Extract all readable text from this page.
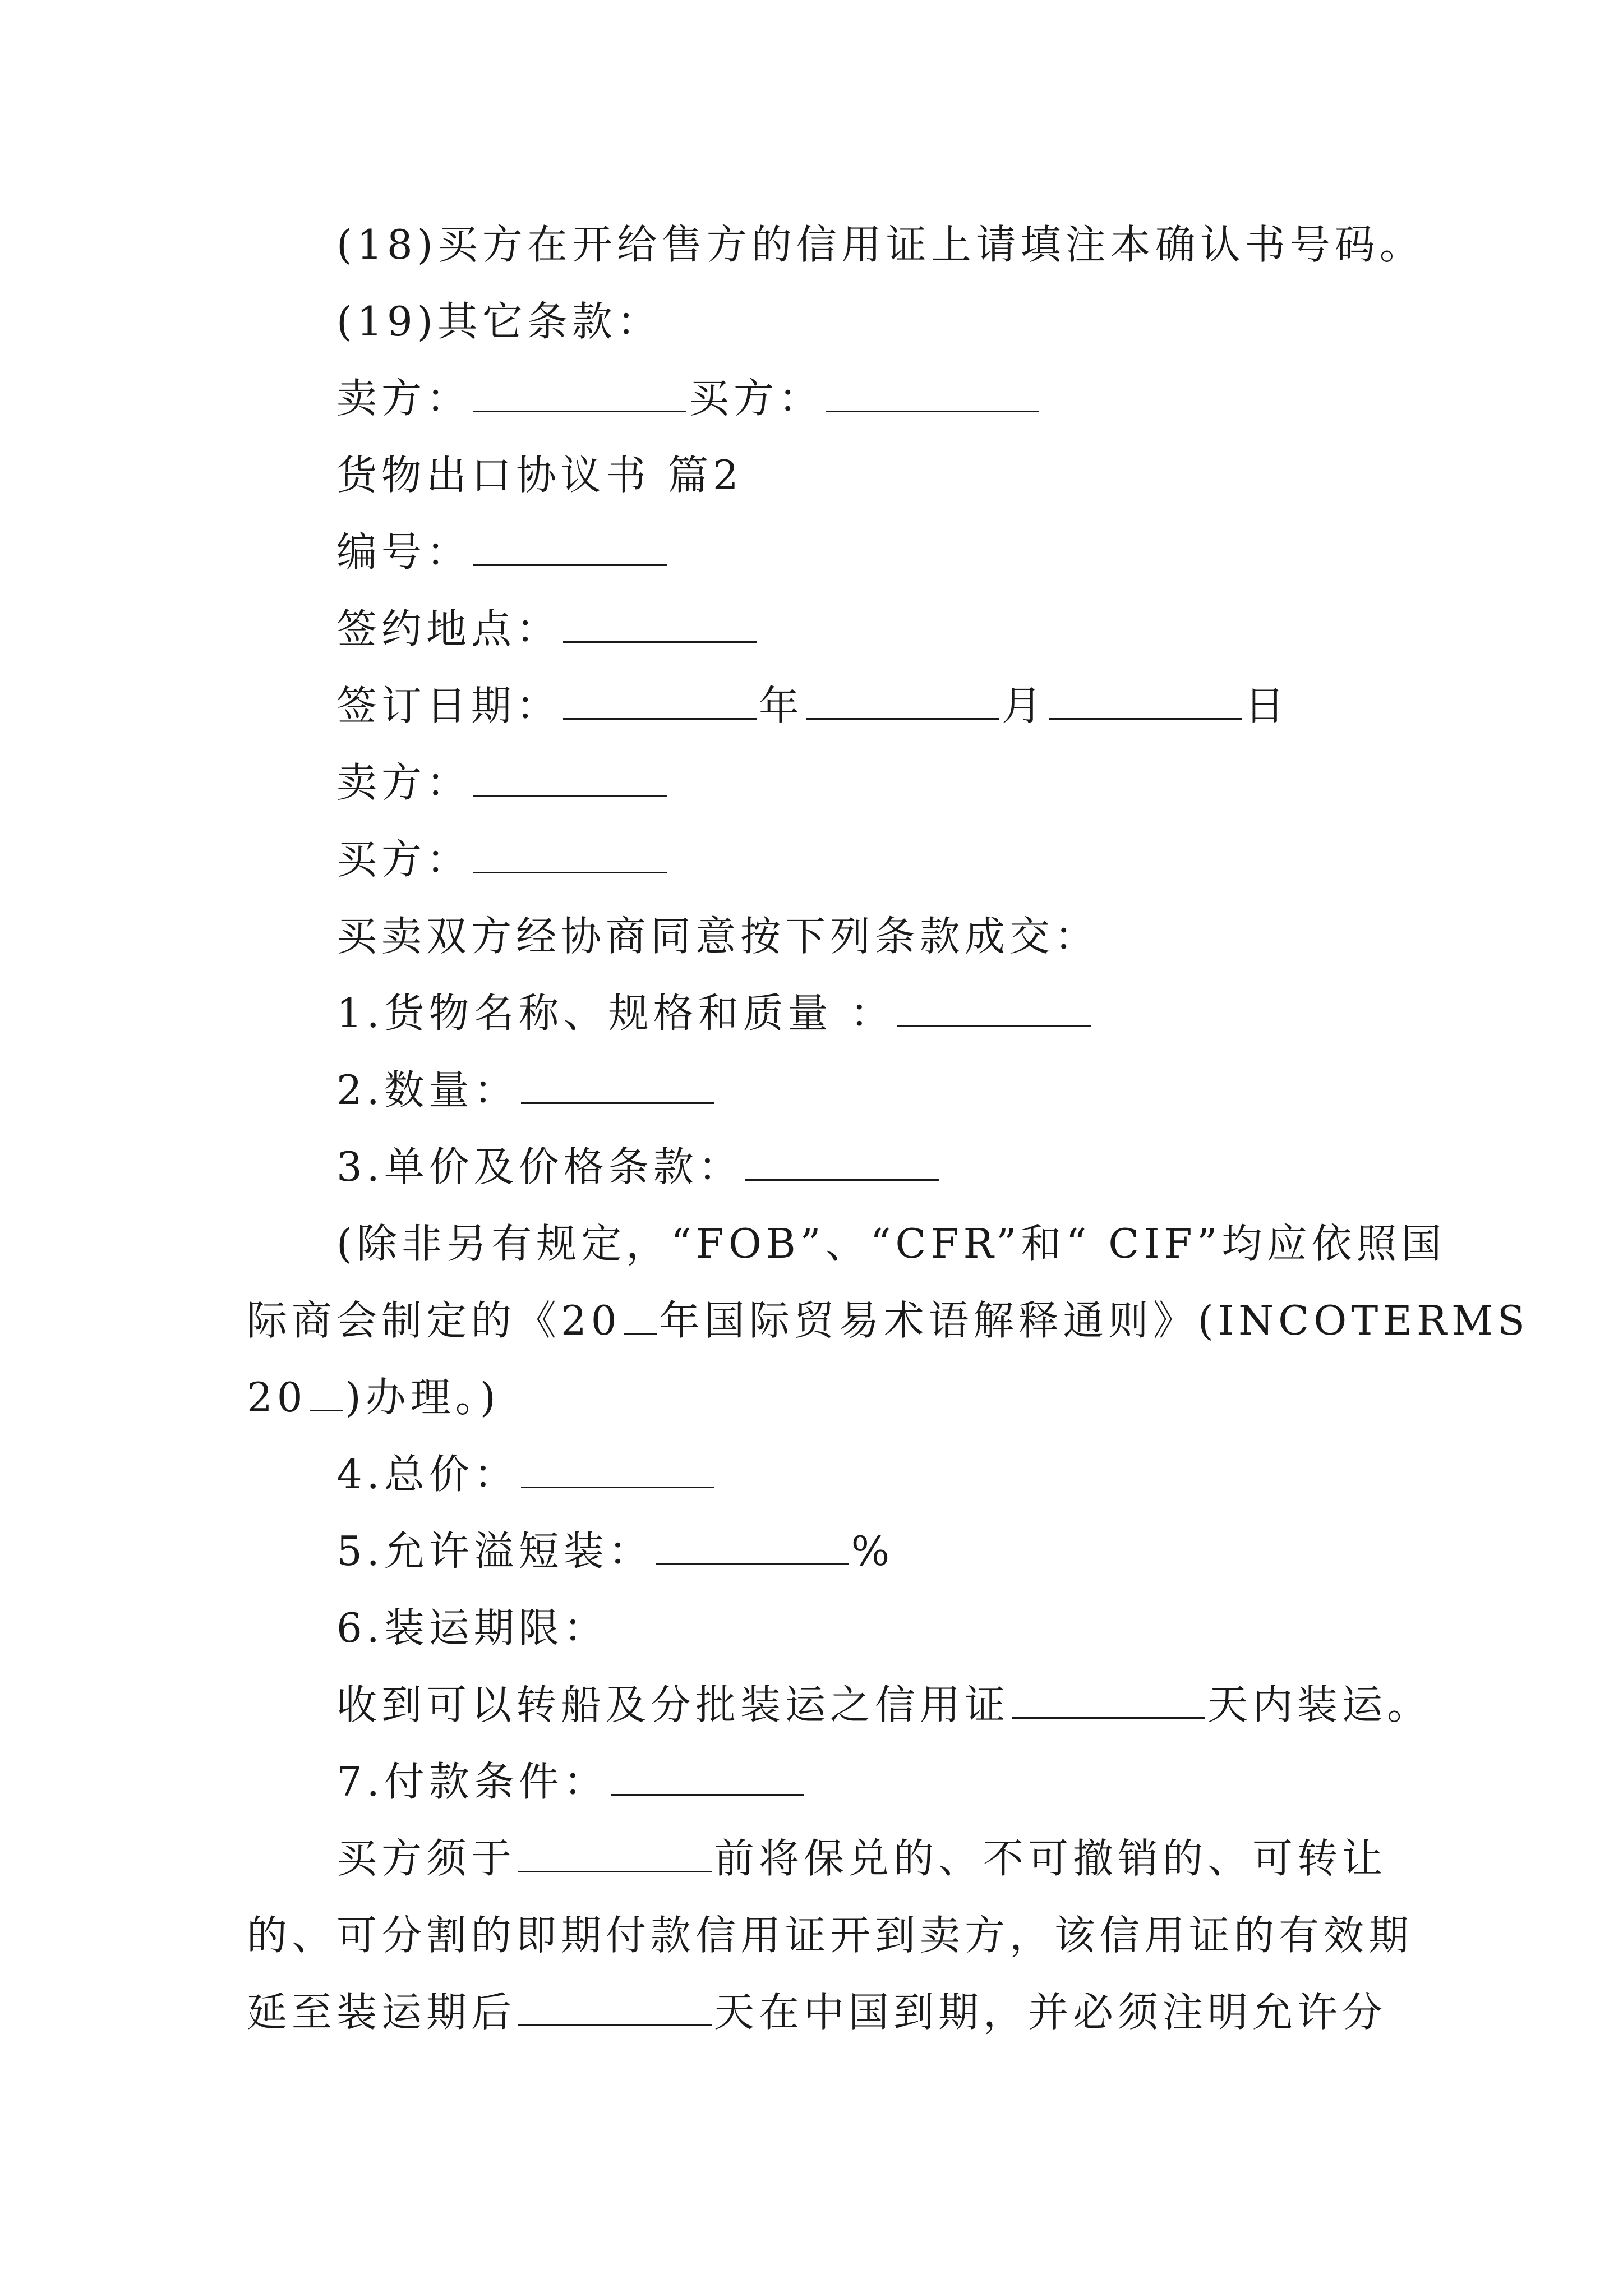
(18)买方在开给售方的信用证上请填注本确认书号码。
(19)其它条款：
卖方：	买方：
货物出口协议书 篇2
编号：
签约地点：
签订日期：	年	月	日
卖方：
买方：
买卖双方经协商同意按下列条款成交：
1.货物名称、规格和质量 ：
2.数量：
3.单价及价格条款：
(除非另有规定，“FOB”、“CFR”和“ CIF”均应依照国
际商会制定的《20 年国际贸易术语解释通则》(INCOTERMS
20 )办理。)
4.总价：
5.允许溢短装：	%
6.装运期限：
收到可以转船及分批装运之信用证	天内装运。
7.付款条件：
买方须于	前将保兑的、不可撤销的、可转让
的、可分割的即期付款信用证开到卖方，该信用证的有效期
延至装运期后	天在中国到期，并必须注明允许分
